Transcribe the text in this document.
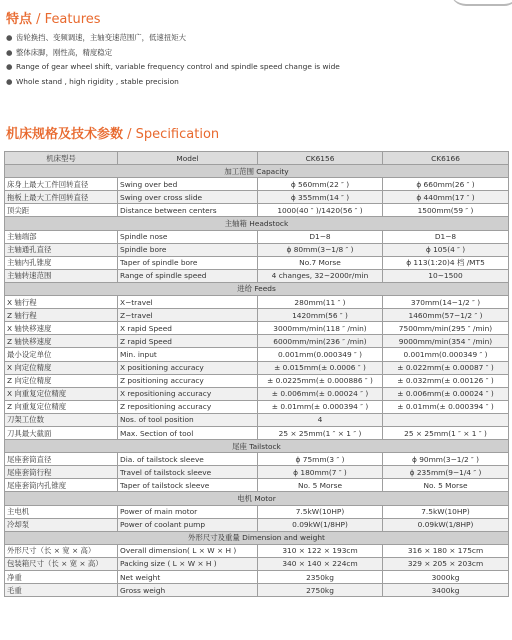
特点 / Features
● 齿轮换挡、变频调速，主轴变速范围广，低速扭矩大
● 整体床脚，刚性高，精度稳定
● Range of gear wheel shift, variable frequency control and spindle speed change is wide
● Whole stand , high rigidity , stable precision
机床规格及技术参数 / Specification
机床型号	Model	CK6156	CK6166
加工范围 Capacity			
床身上最大工件回转直径	Swing over bed	ϕ 560mm(22 ″ )	ϕ 660mm(26 ″ )
拖板上最大工件回转直径	Swing over cross slide	ϕ 355mm(14 ″ )	ϕ 440mm(17 ″ )
顶尖距	Distance between centers	1000(40 ″ )/1420(56 ″ )	1500mm(59 ″ )
主轴箱 Headstock			
主轴端部	Spindle nose	D1−8	D1−8
主轴通孔直径	Spindle bore	ϕ 80mm(3−1/8 ″ )	ϕ 105(4 ″ )
主轴内孔锥度	Taper of spindle bore	No.7 Morse	ϕ 113(1:20)4 档 /MT5
主轴转速范围	Range of spindle speed	4 changes, 32~2000r/min	10~1500
进给 Feeds			
X 轴行程	X−travel	280mm(11 ″ )	370mm(14−1/2 ″ )
Z 轴行程	Z−travel	1420mm(56 ″ )	1460mm(57−1/2 ″ )
X 轴快移速度	X rapid Speed	3000mm/min(118 ″ /min)	7500mm/min(295 ″ /min)
Z 轴快移速度	Z rapid Speed	6000mm/min(236 ″ /min)	9000mm/min(354 ″ /min)
最小设定单位	Min. input	0.001mm(0.000349 ″ )	0.001mm(0.000349 ″ )
X 向定位精度	X positioning accuracy	± 0.015mm(± 0.0006 ″ )	± 0.022mm(± 0.00087 ″ )
Z 向定位精度	Z positioning accuracy	± 0.0225mm(± 0.000886 ″ )	± 0.032mm(± 0.00126 ″ )
X 向重复定位精度	X repositioning accuracy	± 0.006mm(± 0.00024 ″ )	± 0.006mm(± 0.00024 ″ )
Z 向重复定位精度	Z repositioning accuracy	± 0.01mm(± 0.000394 ″ )	± 0.01mm(± 0.000394 ″ )
刀架工位数	Nos. of tool position	4	
刀具最大截面	Max. Section of tool	25 × 25mm(1 ″ × 1 ″ )	25 × 25mm(1 ″ × 1 ″ )
尾座 Tailstock			
尾座套筒直径	Dia. of tailstock sleeve	ϕ 75mm(3 ″ )	ϕ 90mm(3−1/2 ″ )
尾座套筒行程	Travel of tailstock sleeve	ϕ 180mm(7 ″ )	ϕ 235mm(9−1/4 ″ )
尾座套筒内孔锥度	Taper of tailstock sleeve	No. 5 Morse	No. 5 Morse
电机 Motor			
主电机	Power of main motor	7.5kW(10HP)	7.5kW(10HP)
冷却泵	Power of coolant pump	0.09kW(1/8HP)	0.09kW(1/8HP)
外形尺寸及重量 Dimension and weight			
外形尺寸（长 × 宽 × 高）	Overall dimension( L × W × H )	310 × 122 × 193cm	316 × 180 × 175cm
包装箱尺寸（长 × 宽 × 高）	Packing size ( L × W × H )	340 × 140 × 224cm	329 × 205 × 203cm
净重	Net weight	2350kg	3000kg
毛重	Gross weigh	2750kg	3400kg
